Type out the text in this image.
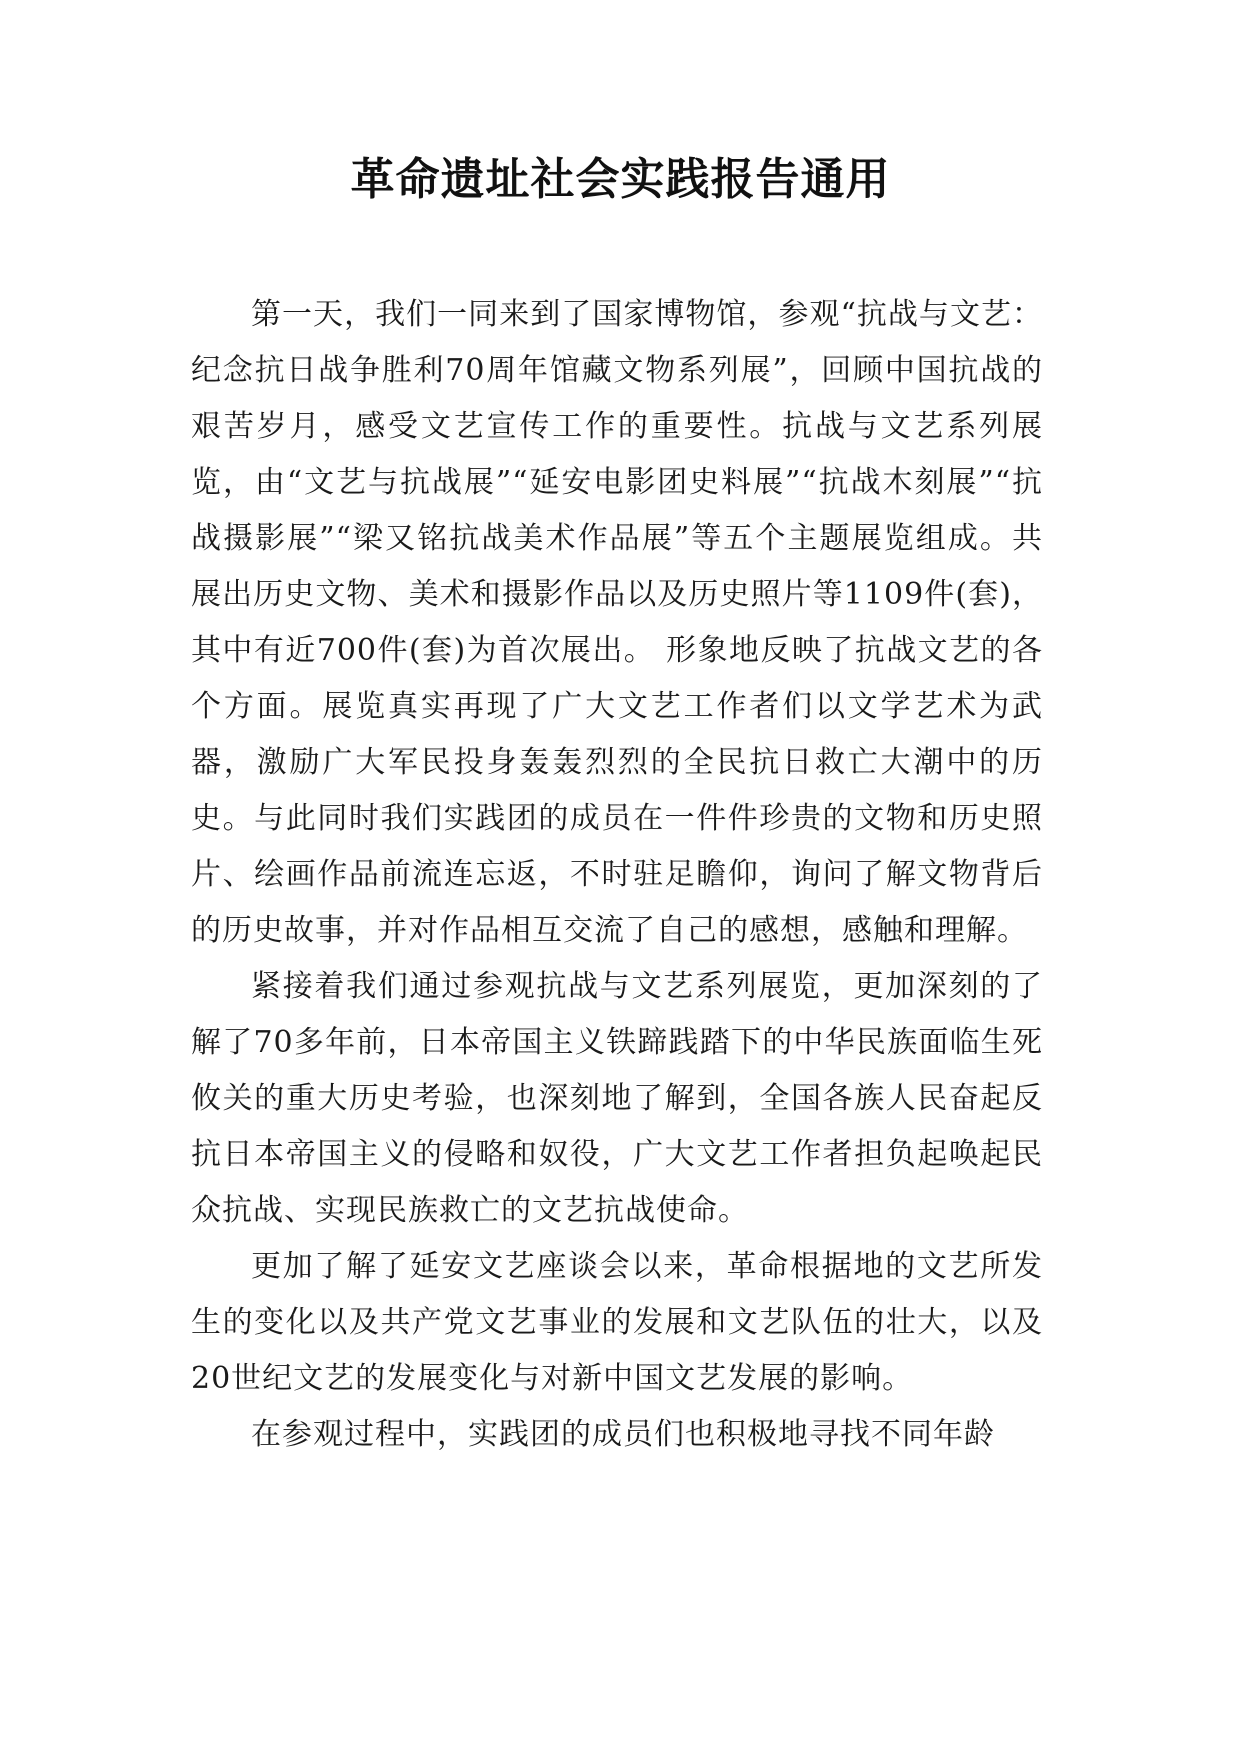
革命遗址社会实践报告通用

第一天，我们一同来到了国家博物馆，参观“抗战与文艺：纪念抗日战争胜利70周年馆藏文物系列展”，回顾中国抗战的艰苦岁月，感受文艺宣传工作的重要性。抗战与文艺系列展览，由“文艺与抗战展”“延安电影团史料展”“抗战木刻展”“抗战摄影展”“梁又铭抗战美术作品展”等五个主题展览组成。共展出历史文物、美术和摄影作品以及历史照片等1109件(套)，其中有近700件(套)为首次展出。 形象地反映了抗战文艺的各个方面。展览真实再现了广大文艺工作者们以文学艺术为武器，激励广大军民投身轰轰烈烈的全民抗日救亡大潮中的历史。与此同时我们实践团的成员在一件件珍贵的文物和历史照片、绘画作品前流连忘返，不时驻足瞻仰，询问了解文物背后的历史故事，并对作品相互交流了自己的感想，感触和理解。

紧接着我们通过参观抗战与文艺系列展览，更加深刻的了解了70多年前，日本帝国主义铁蹄践踏下的中华民族面临生死攸关的重大历史考验，也深刻地了解到，全国各族人民奋起反抗日本帝国主义的侵略和奴役，广大文艺工作者担负起唤起民众抗战、实现民族救亡的文艺抗战使命。

更加了解了延安文艺座谈会以来，革命根据地的文艺所发生的变化以及共产党文艺事业的发展和文艺队伍的壮大，以及20世纪文艺的发展变化与对新中国文艺发展的影响。

在参观过程中，实践团的成员们也积极地寻找不同年龄
